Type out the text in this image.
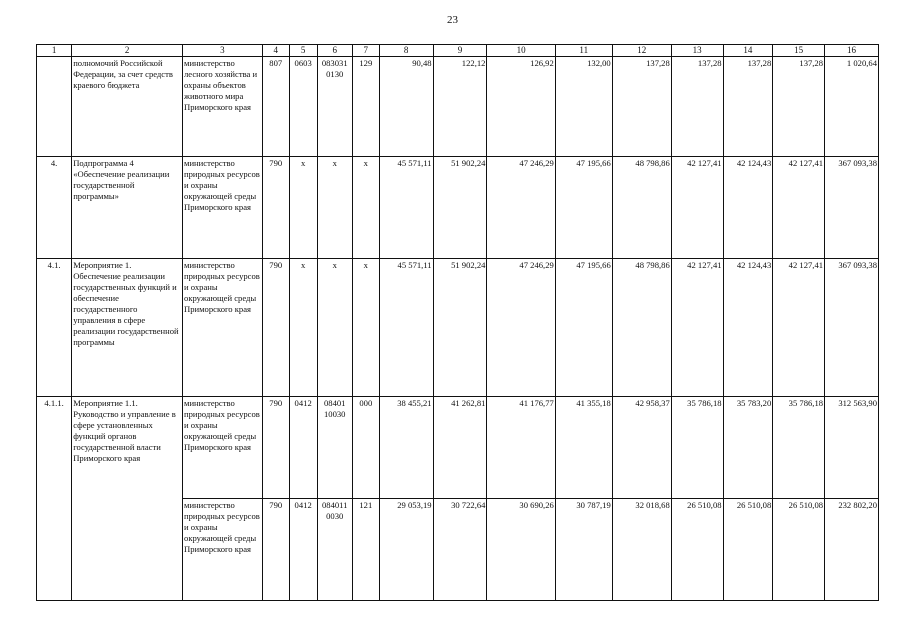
23
1	2	3	4	5	6	7	8	9	10	11	12	13	14	15	16
	полномочий Российской Федерации, за счет средств краевого бюджета	министерство лесного хозяйства и охраны объектов животного мира Приморского края	807	0603	083031 0130	129	90,48	122,12	126,92	132,00	137,28	137,28	137,28	137,28	1 020,64
4.	Подпрограмма 4 «Обеспечение реализации государственной программы»	министерство природных ресурсов и охраны окружающей среды Приморского края	790	x	x	x	45 571,11	51 902,24	47 246,29	47 195,66	48 798,86	42 127,41	42 124,43	42 127,41	367 093,38
4.1.	Мероприятие 1. Обеспечение реализации государственных функций и обеспечение государственного управления в сфере реализации государственной программы	министерство природных ресурсов и охраны окружающей среды Приморского края	790	x	x	x	45 571,11	51 902,24	47 246,29	47 195,66	48 798,86	42 127,41	42 124,43	42 127,41	367 093,38
4.1.1.	Мероприятие 1.1. Руководство и управление в сфере установленных функций органов государственной власти Приморского края	министерство природных ресурсов и охраны окружающей среды Приморского края	790	0412	08401 10030	000	38 455,21	41 262,81	41 176,77	41 355,18	42 958,37	35 786,18	35 783,20	35 786,18	312 563,90
		министерство природных ресурсов и охраны окружающей среды Приморского края	790	0412	084011 0030	121	29 053,19	30 722,64	30 690,26	30 787,19	32 018,68	26 510,08	26 510,08	26 510,08	232 802,20
